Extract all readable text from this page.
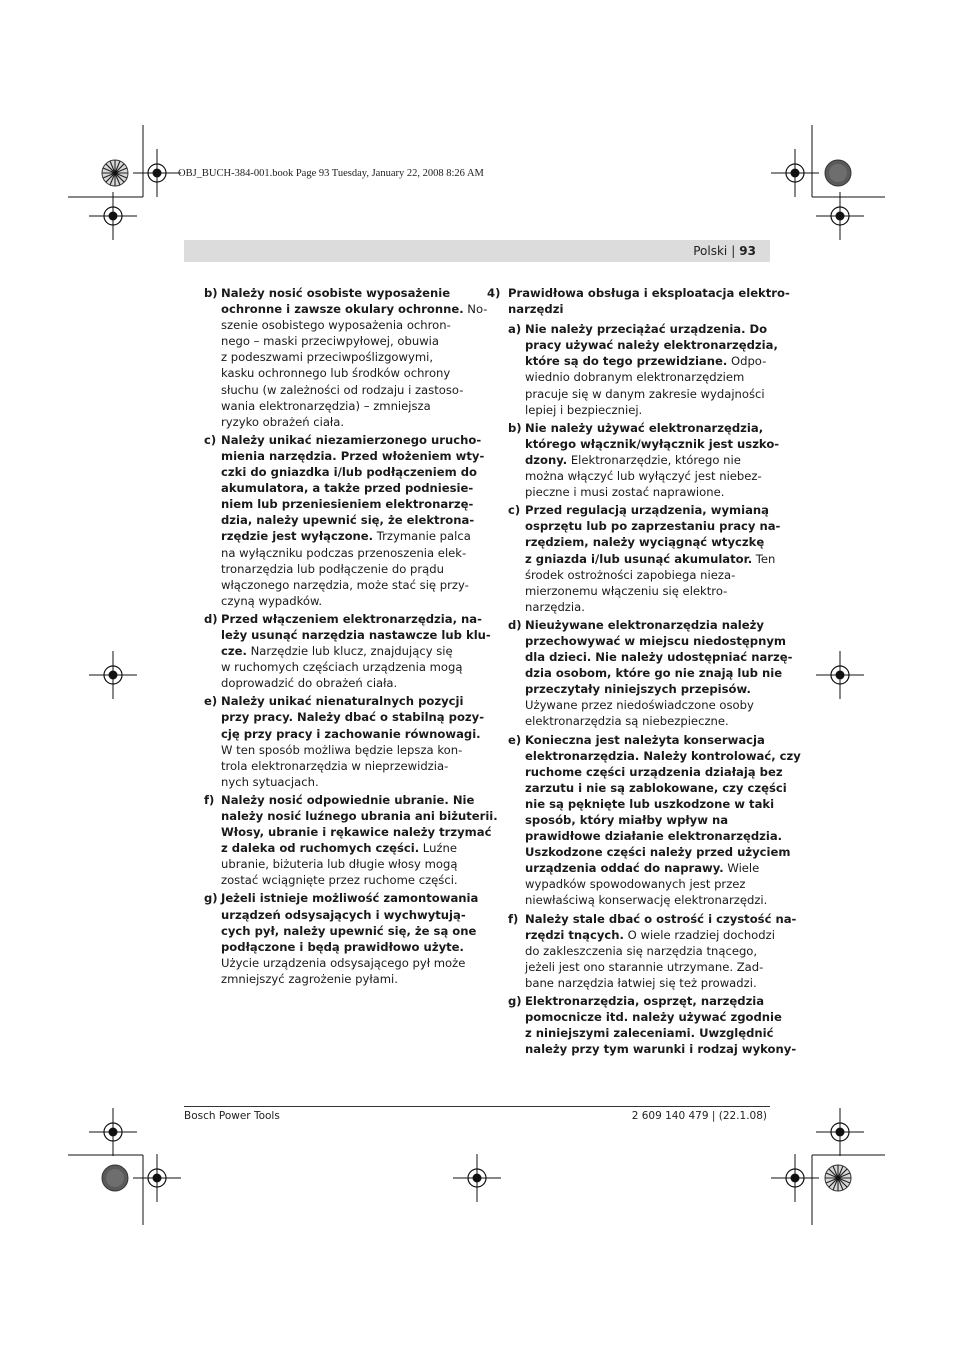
OBJ_BUCH-384-001.book Page 93 Tuesday, January 22, 2008 8:26 AM
Polski | 93
b) Należy nosić osobiste wyposażenie
ochronne i zawsze okulary ochronne. No-
szenie osobistego wyposażenia ochron-
nego – maski przeciwpyłowej, obuwia
z podeszwami przeciwpoślizgowymi,
kasku ochronnego lub środków ochrony
słuchu (w zależności od rodzaju i zastoso-
wania elektronarzędzia) – zmniejsza
ryzyko obrażeń ciała.
c) Należy unikać niezamierzonego urucho-
mienia narzędzia. Przed włożeniem wty-
czki do gniazdka i/lub podłączeniem do
akumulatora, a także przed podniesie-
niem lub przeniesieniem elektronarzę-
dzia, należy upewnić się, że elektrona-
rzędzie jest wyłączone. Trzymanie palca
na wyłączniku podczas przenoszenia elek-
tronarzędzia lub podłączenie do prądu
włączonego narzędzia, może stać się przy-
czyną wypadków.
d) Przed włączeniem elektronarzędzia, na-
leży usunąć narzędzia nastawcze lub klu-
cze. Narzędzie lub klucz, znajdujący się
w ruchomych częściach urządzenia mogą
doprowadzić do obrażeń ciała.
e) Należy unikać nienaturalnych pozycji
przy pracy. Należy dbać o stabilną pozy-
cję przy pracy i zachowanie równowagi.
W ten sposób możliwa będzie lepsza kon-
trola elektronarzędzia w nieprzewidzia-
nych sytuacjach.
f) Należy nosić odpowiednie ubranie. Nie
należy nosić luźnego ubrania ani biżuterii.
Włosy, ubranie i rękawice należy trzymać
z daleka od ruchomych części. Luźne
ubranie, biżuteria lub długie włosy mogą
zostać wciągnięte przez ruchome części.
g) Jeżeli istnieje możliwość zamontowania
urządzeń odsysających i wychwytują-
cych pył, należy upewnić się, że są one
podłączone i będą prawidłowo użyte.
Użycie urządzenia odsysającego pył może
zmniejszyć zagrożenie pyłami.
4) Prawidłowa obsługa i eksploatacja elektro-
narzędzi
a) Nie należy przeciążać urządzenia. Do
pracy używać należy elektronarzędzia,
które są do tego przewidziane. Odpo-
wiednio dobranym elektronarzędziem
pracuje się w danym zakresie wydajności
lepiej i bezpieczniej.
b) Nie należy używać elektronarzędzia,
którego włącznik/wyłącznik jest uszko-
dzony. Elektronarzędzie, którego nie
można włączyć lub wyłączyć jest niebez-
pieczne i musi zostać naprawione.
c) Przed regulacją urządzenia, wymianą
osprzętu lub po zaprzestaniu pracy na-
rzędziem, należy wyciągnąć wtyczkę
z gniazda i/lub usunąć akumulator. Ten
środek ostrożności zapobiega nieza-
mierzonemu włączeniu się elektro-
narzędzia.
d) Nieużywane elektronarzędzia należy
przechowywać w miejscu niedostępnym
dla dzieci. Nie należy udostępniać narzę-
dzia osobom, które go nie znają lub nie
przeczytały niniejszych przepisów.
Używane przez niedoświadczone osoby
elektronarzędzia są niebezpieczne.
e) Konieczna jest należyta konserwacja
elektronarzędzia. Należy kontrolować, czy
ruchome części urządzenia działają bez
zarzutu i nie są zablokowane, czy części
nie są pęknięte lub uszkodzone w taki
sposób, który miałby wpływ na
prawidłowe działanie elektronarzędzia.
Uszkodzone części należy przed użyciem
urządzenia oddać do naprawy. Wiele
wypadków spowodowanych jest przez
niewłaściwą konserwację elektronarzędzi.
f) Należy stale dbać o ostrość i czystość na-
rzędzi tnących. O wiele rzadziej dochodzi
do zakleszczenia się narzędzia tnącego,
jeżeli jest ono starannie utrzymane. Zad-
bane narzędzia łatwiej się też prowadzi.
g) Elektronarzędzia, osprzęt, narzędzia
pomocnicze itd. należy używać zgodnie
z niniejszymi zaleceniami. Uwzględnić
należy przy tym warunki i rodzaj wykony-
Bosch Power Tools	2 609 140 479 | (22.1.08)
